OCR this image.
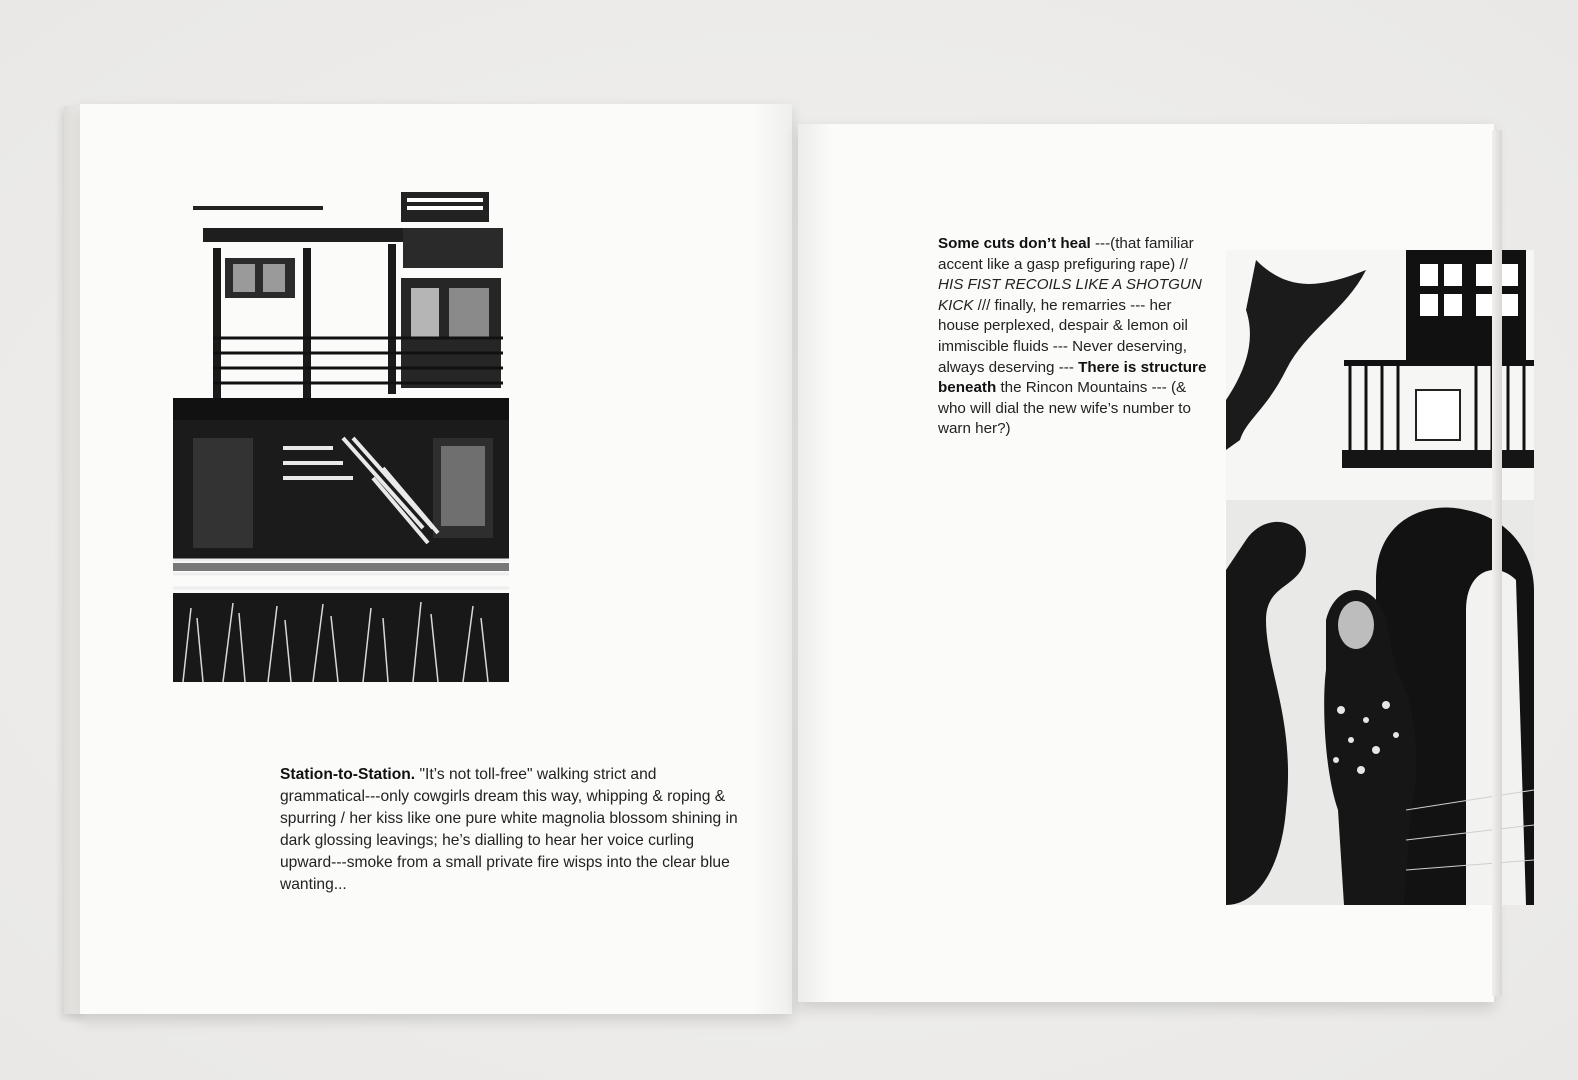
Station-to-Station. "It’s not toll-free" walking strict and grammatical---only cowgirls dream this way, whipping & roping & spurring / her kiss like one pure white magnolia blossom shining in dark glossing leavings; he’s dialling to hear her voice curling upward---smoke from a small private fire wisps into the clear blue wanting...
Some cuts don’t heal ---(that familiar accent like a gasp prefiguring rape) // HIS FIST RECOILS LIKE A SHOTGUN KICK /// finally, he remarries --- her house perplexed, despair & lemon oil immiscible fluids --- Never deserving, always deserving --- There is structure beneath the Rincon Mountains --- (& who will dial the new wife’s number to warn her?)
